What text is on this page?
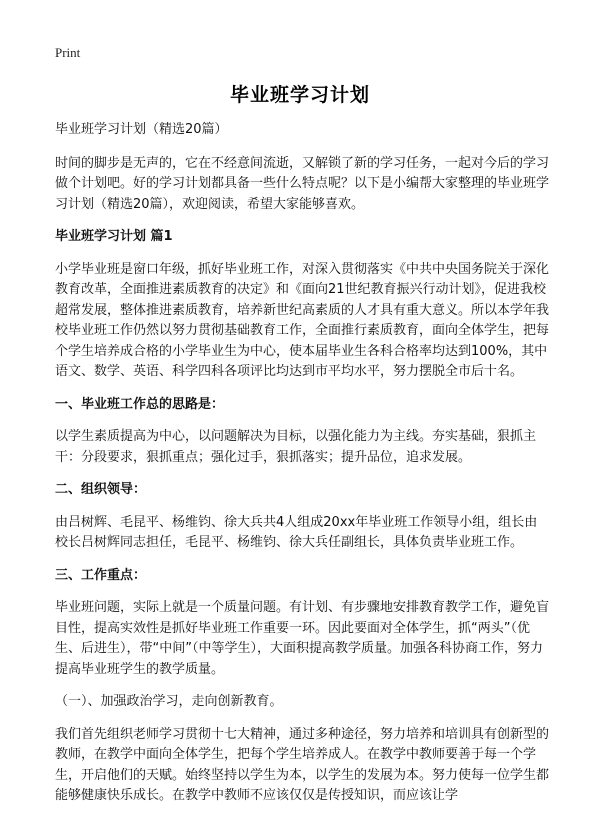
Print
毕业班学习计划

毕业班学习计划（精选20篇）

时间的脚步是无声的，它在不经意间流逝，又解锁了新的学习任务，一起对今后的学习做个计划吧。好的学习计划都具备一些什么特点呢？以下是小编帮大家整理的毕业班学习计划（精选20篇），欢迎阅读，希望大家能够喜欢。

毕业班学习计划 篇1

小学毕业班是窗口年级，抓好毕业班工作，对深入贯彻落实《中共中央国务院关于深化教育改革，全面推进素质教育的决定》和《面向21世纪教育振兴行动计划》，促进我校超常发展，整体推进素质教育，培养新世纪高素质的人才具有重大意义。所以本学年我校毕业班工作仍然以努力贯彻基础教育工作，全面推行素质教育，面向全体学生，把每个学生培养成合格的小学毕业生为中心，使本届毕业生各科合格率均达到100%，其中语文、数学、英语、科学四科各项评比均达到市平均水平，努力摆脱全市后十名。

一、毕业班工作总的思路是：

以学生素质提高为中心，以问题解决为目标，以强化能力为主线。夯实基础，狠抓主干：分段要求，狠抓重点；强化过手，狠抓落实；提升品位，追求发展。

二、组织领导：

由吕树辉、毛昆平、杨维钧、徐大兵共4人组成20xx年毕业班工作领导小组，组长由校长吕树辉同志担任，毛昆平、杨维钧、徐大兵任副组长，具体负责毕业班工作。

三、工作重点：

毕业班问题，实际上就是一个质量问题。有计划、有步骤地安排教育教学工作，避免盲目性，提高实效性是抓好毕业班工作重要一环。因此要面对全体学生，抓“两头”（优生、后进生），带“中间”（中等学生），大面积提高教学质量。加强各科协商工作，努力提高毕业班学生的教学质量。

（一）、加强政治学习，走向创新教育。

我们首先组织老师学习贯彻十七大精神，通过多种途径，努力培养和培训具有创新型的教师，在教学中面向全体学生，把每个学生培养成人。在教学中教师要善于每一个学生，开启他们的天赋。始终坚持以学生为本，以学生的发展为本。努力使每一位学生都能够健康快乐成长。在教学中教师不应该仅仅是传授知识，而应该让学
